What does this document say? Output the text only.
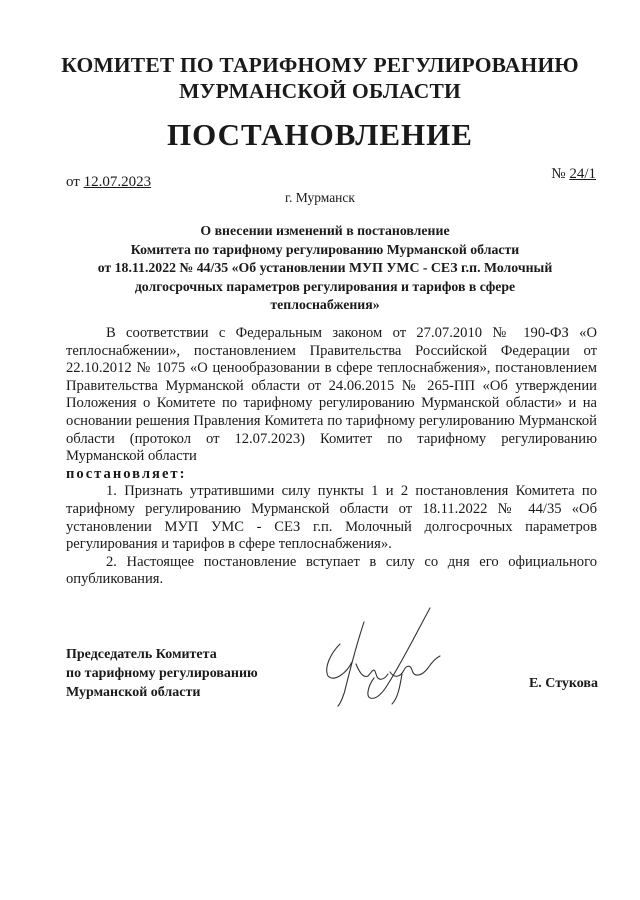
КОМИТЕТ ПО ТАРИФНОМУ РЕГУЛИРОВАНИЮ
МУРМАНСКОЙ ОБЛАСТИ
ПОСТАНОВЛЕНИЕ
от 12.07.2023	№ 24/1
г. Мурманск
О внесении изменений в постановление
Комитета по тарифному регулированию Мурманской области
от 18.11.2022 № 44/35 «Об установлении МУП УМС - СЕЗ г.п. Молочный
долгосрочных параметров регулирования и тарифов в сфере
теплоснабжения»

В соответствии с Федеральным законом от 27.07.2010 № 190-ФЗ «О теплоснабжении», постановлением Правительства Российской Федерации от 22.10.2012 № 1075 «О ценообразовании в сфере теплоснабжения», постановлением Правительства Мурманской области от 24.06.2015 № 265-ПП «Об утверждении Положения о Комитете по тарифному регулированию Мурманской области» и на основании решения Правления Комитета по тарифному регулированию Мурманской области (протокол от 12.07.2023) Комитет по тарифному регулированию Мурманской области

постановляет:

1. Признать утратившими силу пункты 1 и 2 постановления Комитета по тарифному регулированию Мурманской области от 18.11.2022 № 44/35 «Об установлении МУП УМС - СЕЗ г.п. Молочный долгосрочных параметров регулирования и тарифов в сфере теплоснабжения».

2. Настоящее постановление вступает в силу со дня его официального опубликования.

Председатель Комитета
по тарифному регулированию
Мурманской области
Е. Стукова
